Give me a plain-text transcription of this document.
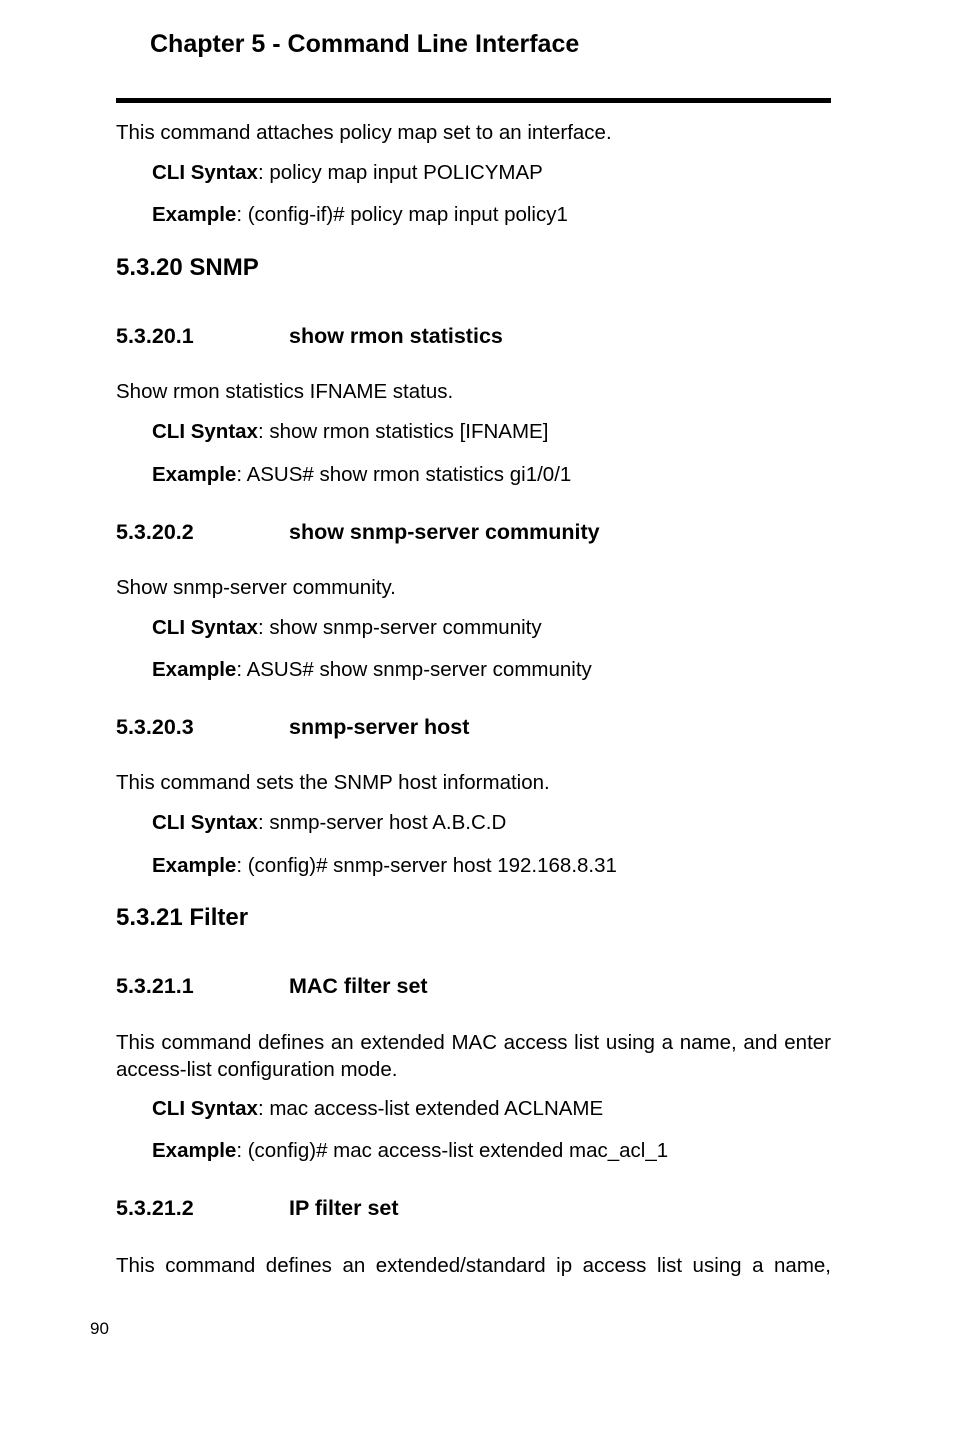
Chapter 5 - Command Line Interface
This command attaches policy map set to an interface.
CLI Syntax: policy map input POLICYMAP
Example: (config-if)# policy map input policy1
5.3.20 SNMP
5.3.20.1	show rmon statistics
Show rmon statistics IFNAME status.
CLI Syntax: show rmon statistics [IFNAME]
Example: ASUS# show rmon statistics gi1/0/1
5.3.20.2	show snmp-server community
Show snmp-server community.
CLI Syntax: show snmp-server community
Example: ASUS# show snmp-server community
5.3.20.3	snmp-server host
This command sets the SNMP host information.
CLI Syntax: snmp-server host A.B.C.D
Example: (config)# snmp-server host 192.168.8.31
5.3.21 Filter
5.3.21.1	MAC filter set
This command defines an extended MAC access list using a name, and enter access-list configuration mode.
CLI Syntax: mac access-list extended ACLNAME
Example: (config)# mac access-list extended mac_acl_1
5.3.21.2	IP filter set
This command defines an extended/standard ip access list using a name,
90
